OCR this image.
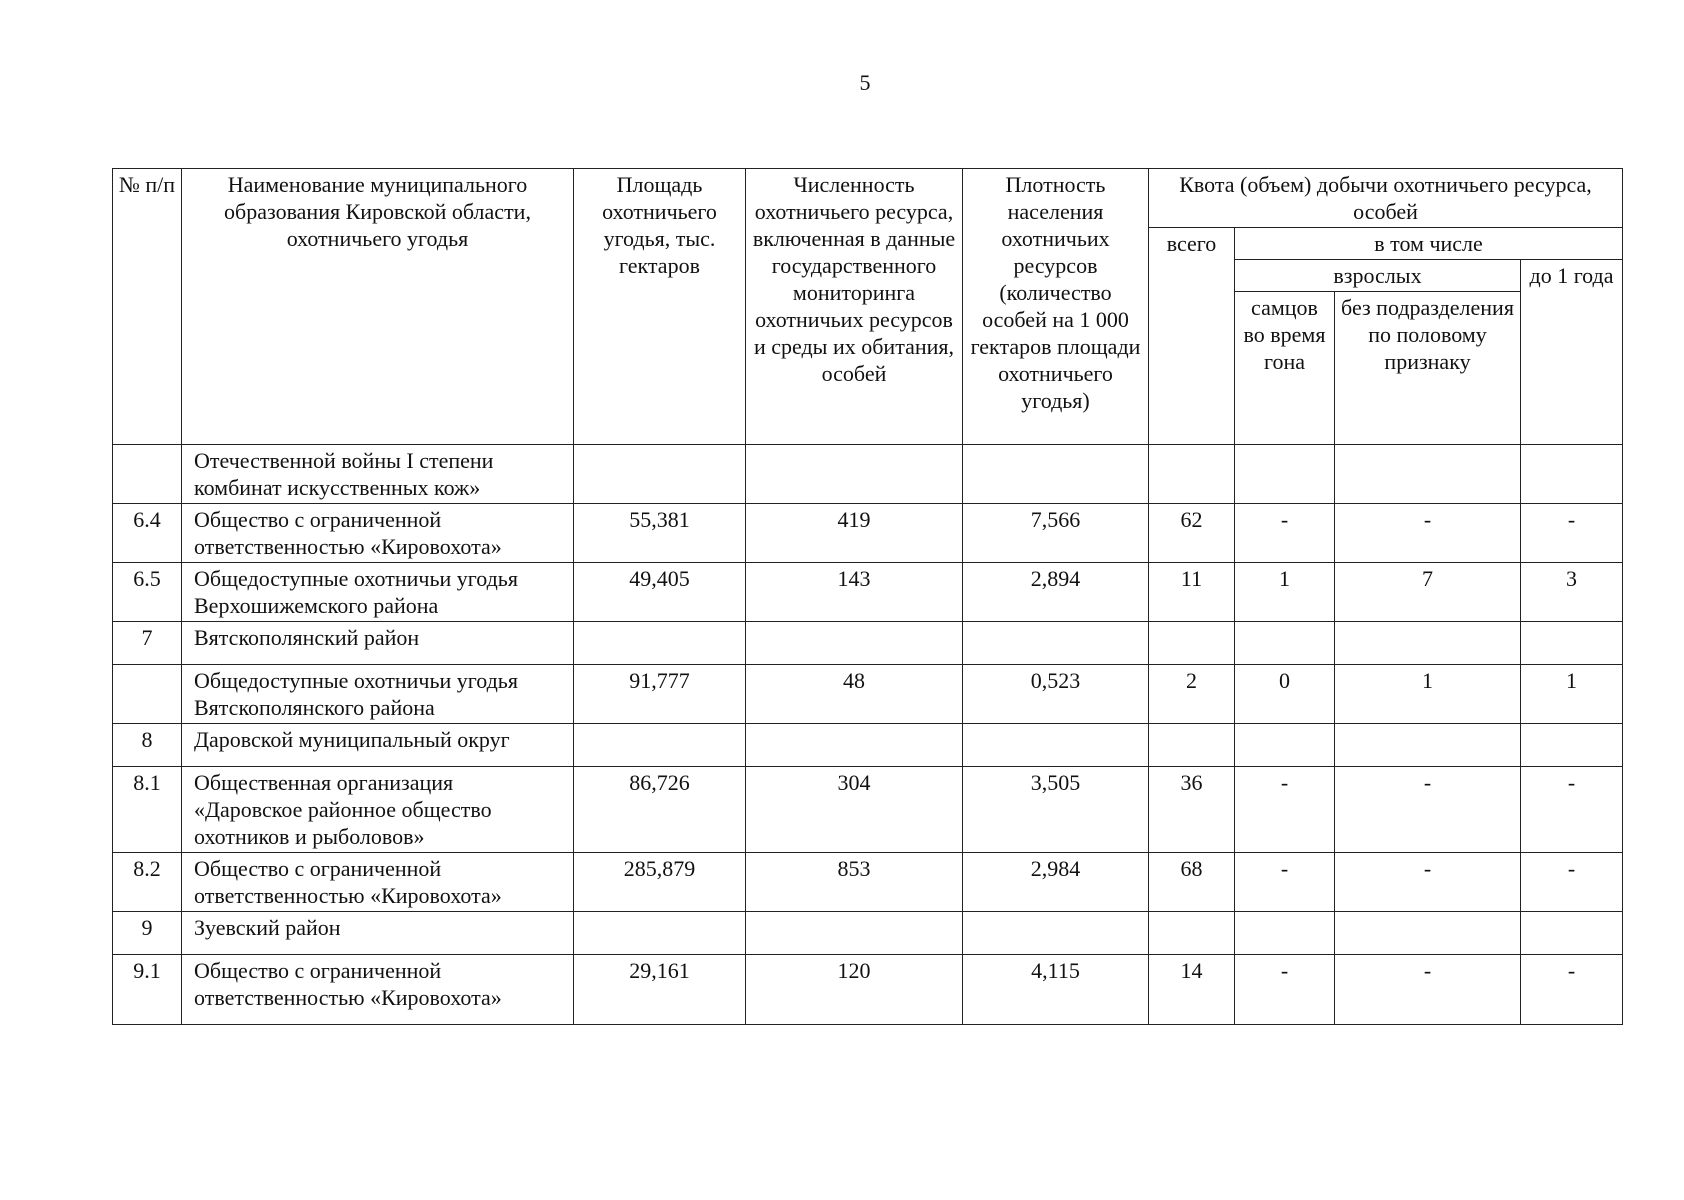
5
№ п/п	Наименование муниципального образования Кировской области, охотничьего угодья	Площадь охотничьего угодья, тыс. гектаров	Численность охотничьего ресурса, включенная в данные государственного мониторинга охотничьих ресурсов и среды их обитания, особей	Плотность населения охотничьих ресурсов (количество особей на 1 000 гектаров площади охотничьего угодья)	Квота (объем) добычи охотничьего ресурса, особей			
					всего	в том числе		
						взрослых		до 1 года
						самцов во время гона	без подразделения по половому признаку	
	Отечественной войны I степени комбинат искусственных кож»							
6.4	Общество с ограниченной ответственностью «Кировохота»	55,381	419	7,566	62	-	-	-
6.5	Общедоступные охотничьи угодья Верхошижемского района	49,405	143	2,894	11	1	7	3
7	Вятскополянский район							
	Общедоступные охотничьи угодья Вятскополянского района	91,777	48	0,523	2	0	1	1
8	Даровской муниципальный округ							
8.1	Общественная организация «Даровское районное общество охотников и рыболовов»	86,726	304	3,505	36	-	-	-
8.2	Общество с ограниченной ответственностью «Кировохота»	285,879	853	2,984	68	-	-	-
9	Зуевский район							
9.1	Общество с ограниченной ответственностью «Кировохота»	29,161	120	4,115	14	-	-	-
